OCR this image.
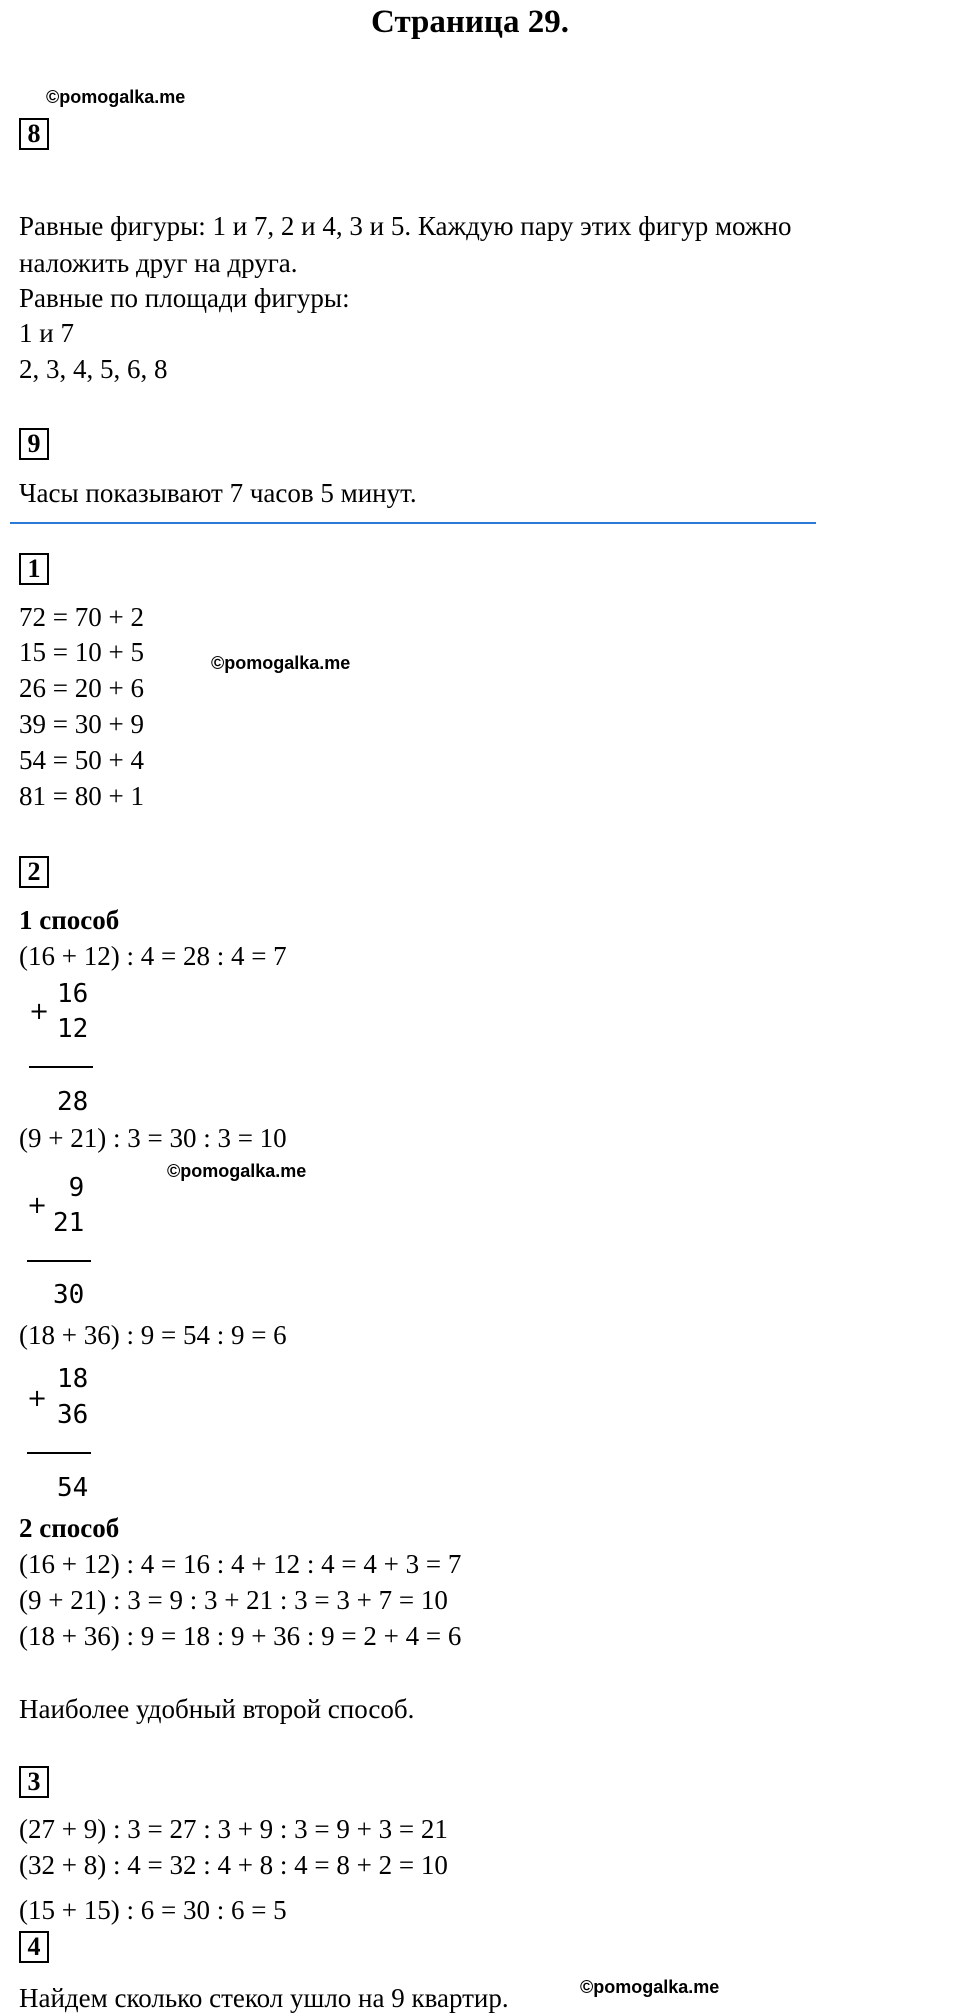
Страница 29.
©pomogalka.me
8
Равные фигуры: 1 и 7, 2 и 4, 3 и 5. Каждую пару этих фигур можно
наложить друг на друга.
Равные по площади фигуры:
1 и 7
2, 3, 4, 5, 6, 8
9
Часы показывают 7 часов 5 минут.
1
72 = 70 + 2
15 = 10 + 5
26 = 20 + 6
39 = 30 + 9
54 = 50 + 4
81 = 80 + 1
©pomogalka.me
2
1 способ
(16 + 12) : 4 = 28 : 4 = 7
+
16
12
28
(9 + 21) : 3 = 30 : 3 = 10
©pomogalka.me
+
9
21
30
(18 + 36) : 9 = 54 : 9 = 6
+
18
36
54
2 способ
(16 + 12) : 4 = 16 : 4 + 12 : 4 = 4 + 3 = 7
(9 + 21) : 3 = 9 : 3 + 21 : 3 = 3 + 7 = 10
(18 + 36) : 9 = 18 : 9 + 36 : 9 = 2 + 4 = 6
Наиболее удобный второй способ.
3
(27 + 9) : 3 = 27 : 3 + 9 : 3 = 9 + 3 = 21
(32 + 8) : 4 = 32 : 4 + 8 : 4 = 8 + 2 = 10
(15 + 15) : 6 = 30 : 6 = 5
4
Найдем сколько стекол ушло на 9 квартир.	©pomogalka.me
